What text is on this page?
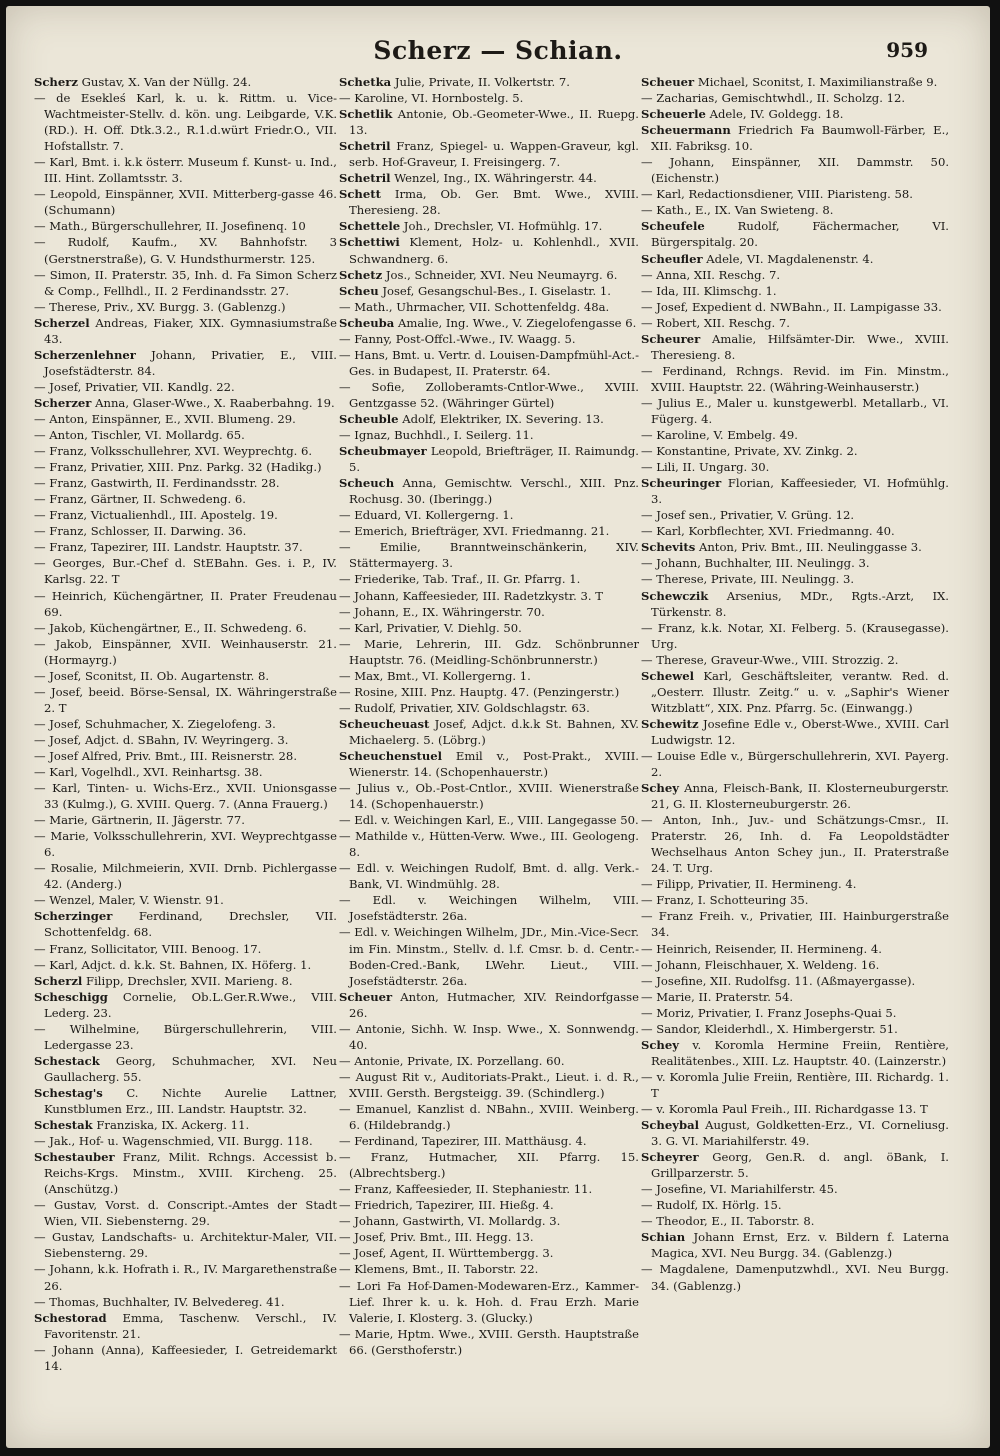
Scherz — Schian.	959
Scherz Gustav, X. Van der Nüllg. 24.
— de Esekleś Karl, k. u. k. Rittm. u. Vice-Wachtmeister-Stellv. d. kön. ung. Leibgarde, V.K.(RD.). H. Off. Dtk.3.2., R.1.d.würt Friedr.O., VII. Hofstallstr. 7.
— Karl, Bmt. i. k.k österr. Museum f. Kunst- u. Ind., III. Hint. Zollamtsstr. 3.
— Leopold, Einspänner, XVII. Mitterberg-gasse 46. (Schumann)
— Math., Bürgerschullehrer, II. Josefinenq. 10
— Rudolf, Kaufm., XV. Bahnhofstr. 3 (Gerstnerstraße), G. V. Hundsthurmerstr. 125.
— Simon, II. Praterstr. 35, Inh. d. Fa Simon Scherz & Comp., Fellhdl., II. 2 Ferdinandsstr. 27.
— Therese, Priv., XV. Burgg. 3. (Gablenzg.)
Scherzel Andreas, Fiaker, XIX. Gymnasiumstraße 43.
Scherzenlehner Johann, Privatier, E., VIII. Josefstädterstr. 84.
— Josef, Privatier, VII. Kandlg. 22.
Scherzer Anna, Glaser-Wwe., X. Raaberbahng. 19.
— Anton, Einspänner, E., XVII. Blumeng. 29.
— Anton, Tischler, VI. Mollardg. 65.
— Franz, Volksschullehrer, XVI. Weyprechtg. 6.
— Franz, Privatier, XIII. Pnz. Parkg. 32 (Hadikg.)
— Franz, Gastwirth, II. Ferdinandsstr. 28.
— Franz, Gärtner, II. Schwedeng. 6.
— Franz, Victualienhdl., III. Apostelg. 19.
— Franz, Schlosser, II. Darwing. 36.
— Franz, Tapezirer, III. Landstr. Hauptstr. 37.
— Georges, Bur.-Chef d. StEBahn. Ges. i. P., IV. Karlsg. 22. T
— Heinrich, Küchengärtner, II. Prater Freudenau 69.
— Jakob, Küchengärtner, E., II. Schwedeng. 6.
— Jakob, Einspänner, XVII. Weinhauserstr. 21. (Hormayrg.)
— Josef, Sconitst, II. Ob. Augartenstr. 8.
— Josef, beeid. Börse-Sensal, IX. Währingerstraße 2. T
— Josef, Schuhmacher, X. Ziegelofeng. 3.
— Josef, Adjct. d. SBahn, IV. Weyringerg. 3.
— Josef Alfred, Priv. Bmt., III. Reisnerstr. 28.
— Karl, Vogelhdl., XVI. Reinhartsg. 38.
— Karl, Tinten- u. Wichs-Erz., XVII. Unionsgasse 33 (Kulmg.), G. XVIII. Querg. 7. (Anna Frauerg.)
— Marie, Gärtnerin, II. Jägerstr. 77.
— Marie, Volksschullehrerin, XVI. Weyprechtgasse 6.
— Rosalie, Milchmeierin, XVII. Drnb. Pichlergasse 42. (Anderg.)
— Wenzel, Maler, V. Wienstr. 91.
Scherzinger Ferdinand, Drechsler, VII. Schottenfeldg. 68.
— Franz, Sollicitator, VIII. Benoog. 17.
— Karl, Adjct. d. k.k. St. Bahnen, IX. Höferg. 1.
Scherzl Filipp, Drechsler, XVII. Marieng. 8.
Scheschigg Cornelie, Ob.L.Ger.R.Wwe., VIII. Lederg. 23.
— Wilhelmine, Bürgerschullehrerin, VIII. Ledergasse 23.
Schestack Georg, Schuhmacher, XVI. Neu Gaullacherg. 55.
Schestag's C. Nichte Aurelie Lattner, Kunstblumen Erz., III. Landstr. Hauptstr. 32.
Schestak Franziska, IX. Ackerg. 11.
— Jak., Hof- u. Wagenschmied, VII. Burgg. 118.
Schestauber Franz, Milit. Rchngs. Accessist b. Reichs-Krgs. Minstm., XVIII. Kircheng. 25. (Anschützg.)
— Gustav, Vorst. d. Conscript.-Amtes der Stadt Wien, VII. Siebensterng. 29.
— Gustav, Landschafts- u. Architektur-Maler, VII. Siebensterng. 29.
— Johann, k.k. Hofrath i. R., IV. Margarethenstraße 26.
— Thomas, Buchhalter, IV. Belvedereg. 41.
Schestorad Emma, Taschenw. Verschl., IV. Favoritenstr. 21.
— Johann (Anna), Kaffeesieder, I. Getreidemarkt 14.
Schetka Julie, Private, II. Volkertstr. 7.
— Karoline, VI. Hornbostelg. 5.
Schetlik Antonie, Ob.-Geometer-Wwe., II. Ruepg. 13.
Schetril Franz, Spiegel- u. Wappen-Graveur, kgl. serb. Hof-Graveur, I. Freisingerg. 7.
Schetril Wenzel, Ing., IX. Währingerstr. 44.
Schett Irma, Ob. Ger. Bmt. Wwe., XVIII. Theresieng. 28.
Schettele Joh., Drechsler, VI. Hofmühlg. 17.
Schettiwi Klement, Holz- u. Kohlenhdl., XVII. Schwandnerg. 6.
Schetz Jos., Schneider, XVI. Neu Neumayrg. 6.
Scheu Josef, Gesangschul-Bes., I. Giselastr. 1.
— Math., Uhrmacher, VII. Schottenfeldg. 48a.
Scheuba Amalie, Ing. Wwe., V. Ziegelofengasse 6.
— Fanny, Post-Offcl.-Wwe., IV. Waagg. 5.
— Hans, Bmt. u. Vertr. d. Louisen-Dampfmühl-Act.-Ges. in Budapest, II. Praterstr. 64.
— Sofie, Zolloberamts-Cntlor-Wwe., XVIII. Gentzgasse 52. (Währinger Gürtel)
Scheuble Adolf, Elektriker, IX. Severing. 13.
— Ignaz, Buchhdl., I. Seilerg. 11.
Scheubmayer Leopold, Briefträger, II. Raimundg. 5.
Scheuch Anna, Gemischtw. Verschl., XIII. Pnz. Rochusg. 30. (Iberingg.)
— Eduard, VI. Kollergerng. 1.
— Emerich, Briefträger, XVI. Friedmanng. 21.
— Emilie, Branntweinschänkerin, XIV. Stättermayerg. 3.
— Friederike, Tab. Traf., II. Gr. Pfarrg. 1.
— Johann, Kaffeesieder, III. Radetzkystr. 3. T
— Johann, E., IX. Währingerstr. 70.
— Karl, Privatier, V. Diehlg. 50.
— Marie, Lehrerin, III. Gdz. Schönbrunner Hauptstr. 76. (Meidling-Schönbrunnerstr.)
— Max, Bmt., VI. Kollergerng. 1.
— Rosine, XIII. Pnz. Hauptg. 47. (Penzingerstr.)
— Rudolf, Privatier, XIV. Goldschlagstr. 63.
Scheucheuast Josef, Adjct. d.k.k St. Bahnen, XV. Michaelerg. 5. (Löbrg.)
Scheuchenstuel Emil v., Post-Prakt., XVIII. Wienerstr. 14. (Schopenhauerstr.)
— Julius v., Ob.-Post-Cntlor., XVIII. Wienerstraße 14. (Schopenhauerstr.)
— Edl. v. Weichingen Karl, E., VIII. Langegasse 50.
— Mathilde v., Hütten-Verw. Wwe., III. Geologeng. 8.
— Edl. v. Weichingen Rudolf, Bmt. d. allg. Verk.-Bank, VI. Windmühlg. 28.
— Edl. v. Weichingen Wilhelm, VIII. Josefstädterstr. 26a.
— Edl. v. Weichingen Wilhelm, JDr., Min.-Vice-Secr. im Fin. Minstm., Stellv. d. l.f. Cmsr. b. d. Centr.-Boden-Cred.-Bank, LWehr. Lieut., VIII. Josefstädterstr. 26a.
Scheuer Anton, Hutmacher, XIV. Reindorfgasse 26.
— Antonie, Sichh. W. Insp. Wwe., X. Sonnwendg. 40.
— Antonie, Private, IX. Porzellang. 60.
— August Rit v., Auditoriats-Prakt., Lieut. i. d. R., XVIII. Gersth. Bergsteigg. 39. (Schindlerg.)
— Emanuel, Kanzlist d. NBahn., XVIII. Weinberg. 6. (Hildebrandg.)
— Ferdinand, Tapezirer, III. Matthäusg. 4.
— Franz, Hutmacher, XII. Pfarrg. 15. (Albrechtsberg.)
— Franz, Kaffeesieder, II. Stephaniestr. 11.
— Friedrich, Tapezirer, III. Hießg. 4.
— Johann, Gastwirth, VI. Mollardg. 3.
— Josef, Priv. Bmt., III. Hegg. 13.
— Josef, Agent, II. Württembergg. 3.
— Klemens, Bmt., II. Taborstr. 22.
— Lori Fa Hof-Damen-Modewaren-Erz., Kammer-Lief. Ihrer k. u. k. Hoh. d. Frau Erzh. Marie Valerie, I. Klosterg. 3. (Glucky.)
— Marie, Hptm. Wwe., XVIII. Gersth. Hauptstraße 66. (Gersthoferstr.)
Scheuer Michael, Sconitst, I. Maximilianstraße 9.
— Zacharias, Gemischtwhdl., II. Scholzg. 12.
Scheuerle Adele, IV. Goldegg. 18.
Scheuermann Friedrich Fa Baumwoll-Färber, E., XII. Fabriksg. 10.
— Johann, Einspänner, XII. Dammstr. 50. (Eichenstr.)
— Karl, Redactionsdiener, VIII. Piaristeng. 58.
— Kath., E., IX. Van Swieteng. 8.
Scheufele Rudolf, Fächermacher, VI. Bürgerspitalg. 20.
Scheufler Adele, VI. Magdalenenstr. 4.
— Anna, XII. Reschg. 7.
— Ida, III. Klimschg. 1.
— Josef, Expedient d. NWBahn., II. Lampigasse 33.
— Robert, XII. Reschg. 7.
Scheurer Amalie, Hilfsämter-Dir. Wwe., XVIII. Theresieng. 8.
— Ferdinand, Rchngs. Revid. im Fin. Minstm., XVIII. Hauptstr. 22. (Währing-Weinhauserstr.)
— Julius E., Maler u. kunstgewerbl. Metallarb., VI. Fügerg. 4.
— Karoline, V. Embelg. 49.
— Konstantine, Private, XV. Zinkg. 2.
— Lili, II. Ungarg. 30.
Scheuringer Florian, Kaffeesieder, VI. Hofmühlg. 3.
— Josef sen., Privatier, V. Grüng. 12.
— Karl, Korbflechter, XVI. Friedmanng. 40.
Schevits Anton, Priv. Bmt., III. Neulinggasse 3.
— Johann, Buchhalter, III. Neulingg. 3.
— Therese, Private, III. Neulingg. 3.
Schewczik Arsenius, MDr., Rgts.-Arzt, IX. Türkenstr. 8.
— Franz, k.k. Notar, XI. Felberg. 5. (Krausegasse). Urg.
— Therese, Graveur-Wwe., VIII. Strozzig. 2.
Schewel Karl, Geschäftsleiter, verantw. Red. d. „Oesterr. Illustr. Zeitg.“ u. v. „Saphir's Wiener Witzblatt“, XIX. Pnz. Pfarrg. 5c. (Einwangg.)
Schewitz Josefine Edle v., Oberst-Wwe., XVIII. Carl Ludwigstr. 12.
— Louise Edle v., Bürgerschullehrerin, XVI. Payerg. 2.
Schey Anna, Fleisch-Bank, II. Klosterneuburgerstr. 21, G. II. Klosterneuburgerstr. 26.
— Anton, Inh., Juv.- und Schätzungs-Cmsr., II. Praterstr. 26, Inh. d. Fa Leopoldstädter Wechselhaus Anton Schey jun., II. Praterstraße 24. T. Urg.
— Filipp, Privatier, II. Hermineng. 4.
— Franz, I. Schotteuring 35.
— Franz Freih. v., Privatier, III. Hainburgerstraße 34.
— Heinrich, Reisender, II. Hermineng. 4.
— Johann, Fleischhauer, X. Weldeng. 16.
— Josefine, XII. Rudolfsg. 11. (Aßmayergasse).
— Marie, II. Praterstr. 54.
— Moriz, Privatier, I. Franz Josephs-Quai 5.
— Sandor, Kleiderhdl., X. Himbergerstr. 51.
Schey v. Koromla Hermine Freiin, Rentière, Realitätenbes., XIII. Lz. Hauptstr. 40. (Lainzerstr.)
— v. Koromla Julie Freiin, Rentière, III. Richardg. 1. T
— v. Koromla Paul Freih., III. Richardgasse 13. T
Scheybal August, Goldketten-Erz., VI. Corneliusg. 3. G. VI. Mariahilferstr. 49.
Scheyrer Georg, Gen.R. d. angl. öBank, I. Grillparzerstr. 5.
— Josefine, VI. Mariahilferstr. 45.
— Rudolf, IX. Hörlg. 15.
— Theodor, E., II. Taborstr. 8.
Schian Johann Ernst, Erz. v. Bildern f. Laterna Magica, XVI. Neu Burgg. 34. (Gablenzg.)
— Magdalene, Damenputzwhdl., XVI. Neu Burgg. 34. (Gablenzg.)
